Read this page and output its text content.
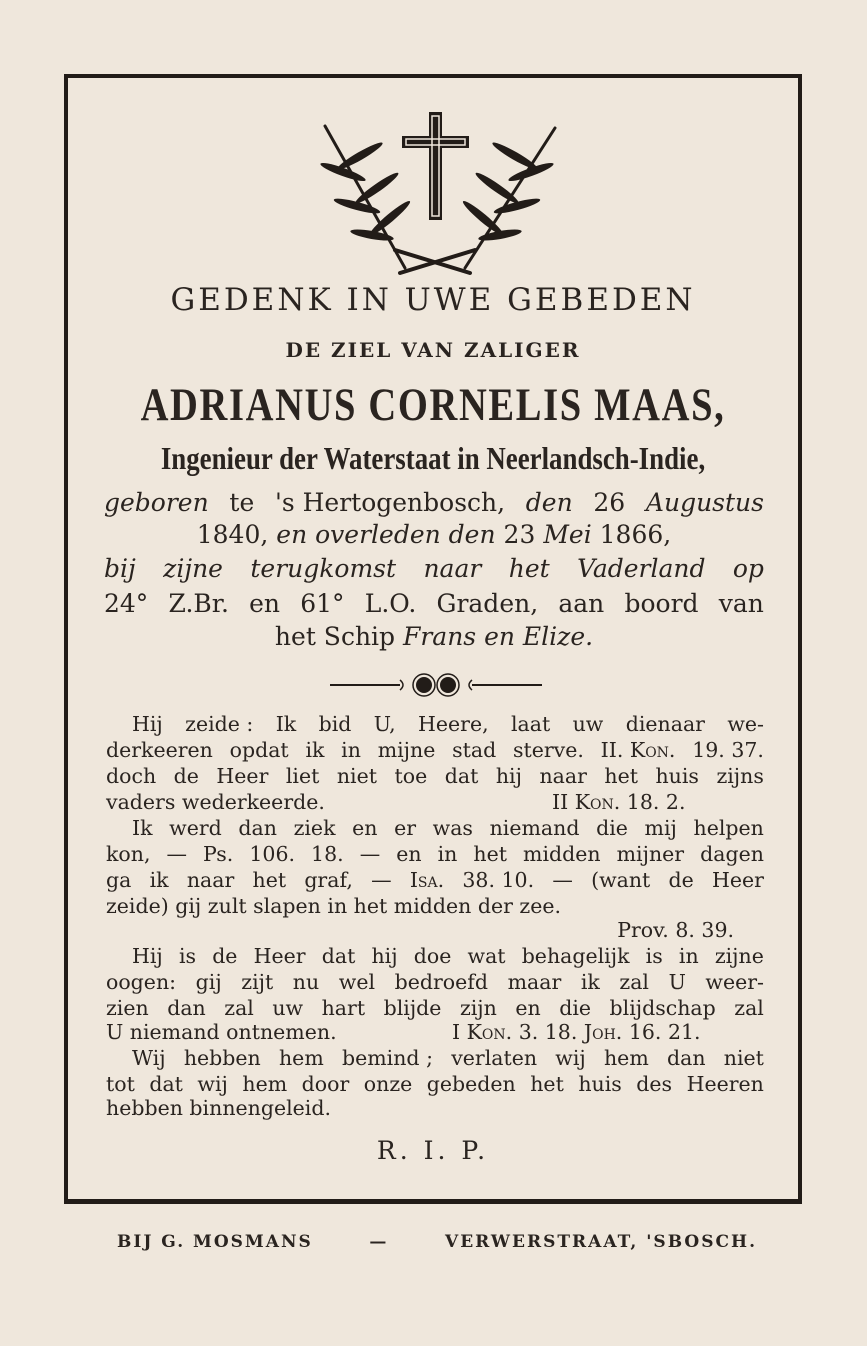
GEDENK IN UWE GEBEDEN
DE ZIEL VAN ZALIGER
ADRIANUS CORNELIS MAAS,
Ingenieur der Waterstaat in Neerlandsch-Indie,
geboren te 's Hertogenbosch, den 26 Augustus
1840, en overleden den 23 Mei 1866,
bij zijne terugkomst naar het Vaderland op
24° Z.Br. en 61° L.O. Graden, aan boord van
het Schip Frans en Elize.
Hij zeide : Ik bid U, Heere, laat uw dienaar we-
derkeeren opdat ik in mijne stad sterve. II. Kon. 19. 37.
doch de Heer liet niet toe dat hij naar het huis zijns
vaders wederkeerde.	II Kon. 18. 2.
Ik werd dan ziek en er was niemand die mij helpen
kon, — Ps. 106. 18. — en in het midden mijner dagen
ga ik naar het graf, — Isa. 38. 10. — (want de Heer
zeide) gij zult slapen in het midden der zee.
Prov. 8. 39.
Hij is de Heer dat hij doe wat behagelijk is in zijne
oogen: gij zijt nu wel bedroefd maar ik zal U weer-
zien dan zal uw hart blijde zijn en die blijdschap zal
U niemand ontnemen.	I Kon. 3. 18. Joh. 16. 21.
Wij hebben hem bemind ; verlaten wij hem dan niet
tot dat wij hem door onze gebeden het huis des Heeren
hebben binnengeleid.
R. I. P.
BIJ G. MOSMANS	—	VERWERSTRAAT, 'SBOSCH.
